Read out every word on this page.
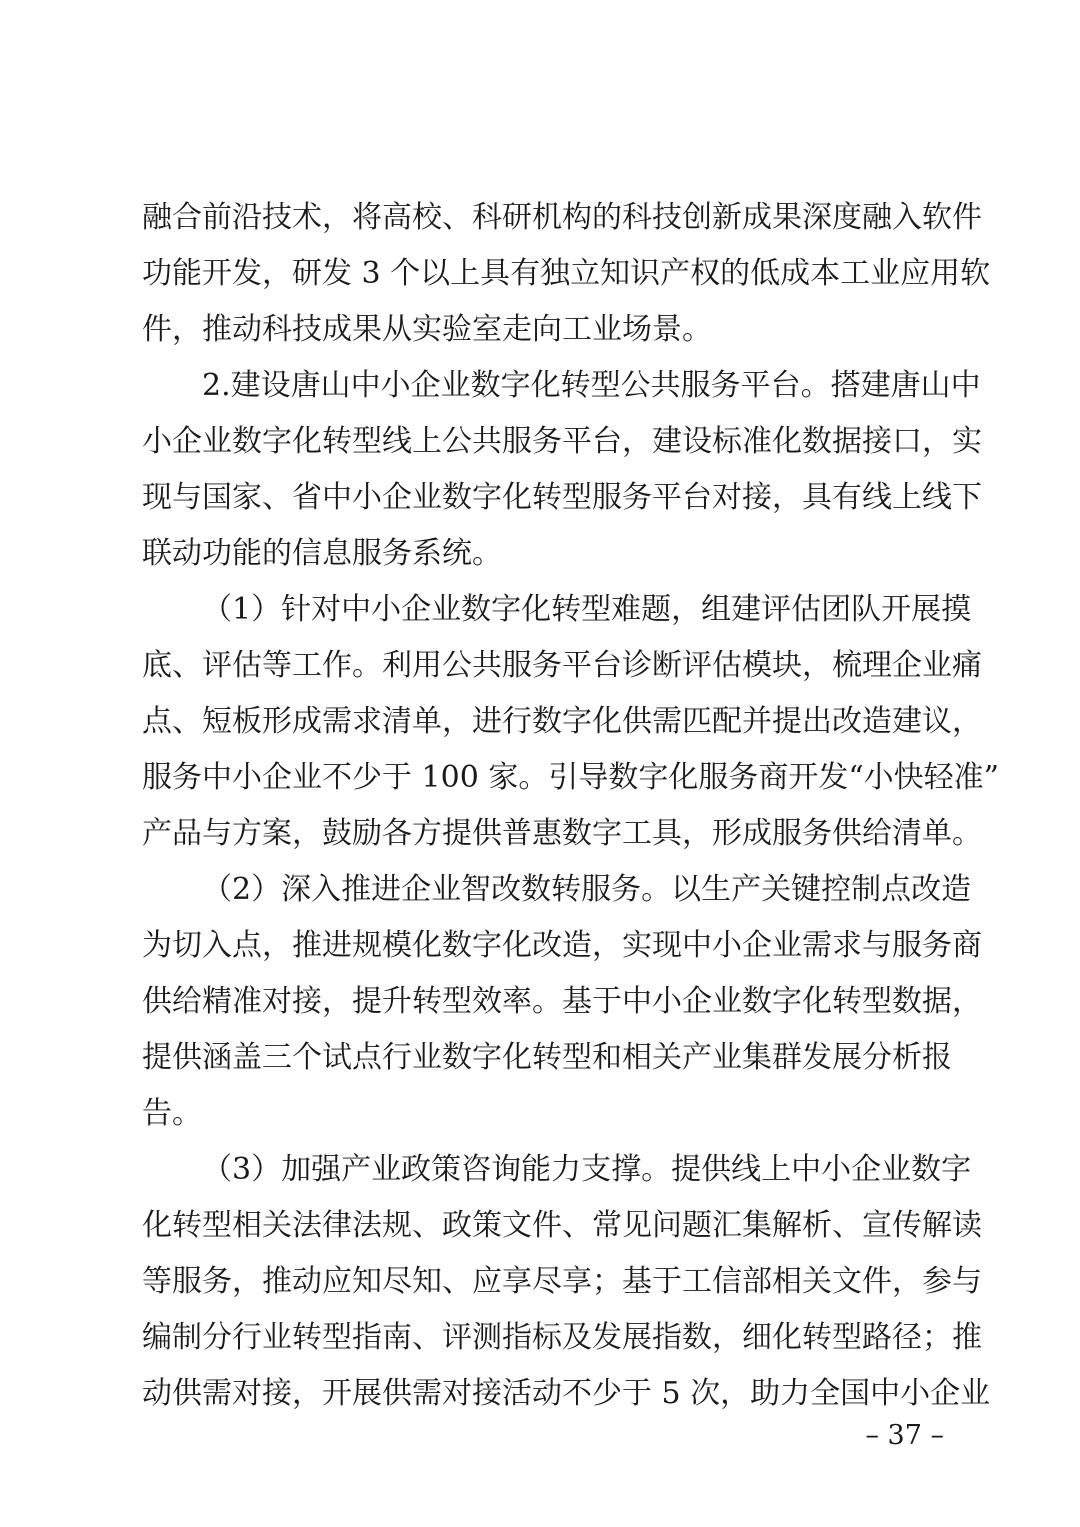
融合前沿技术，将高校、科研机构的科技创新成果深度融入软件
功能开发，研发 3 个以上具有独立知识产权的低成本工业应用软
件，推动科技成果从实验室走向工业场景。
2.建设唐山中小企业数字化转型公共服务平台。搭建唐山中
小企业数字化转型线上公共服务平台，建设标准化数据接口，实
现与国家、省中小企业数字化转型服务平台对接，具有线上线下
联动功能的信息服务系统。
（1）针对中小企业数字化转型难题，组建评估团队开展摸
底、评估等工作。利用公共服务平台诊断评估模块，梳理企业痛
点、短板形成需求清单，进行数字化供需匹配并提出改造建议，
服务中小企业不少于 100 家。引导数字化服务商开发“小快轻准”
产品与方案，鼓励各方提供普惠数字工具，形成服务供给清单。
（2）深入推进企业智改数转服务。以生产关键控制点改造
为切入点，推进规模化数字化改造，实现中小企业需求与服务商
供给精准对接，提升转型效率。基于中小企业数字化转型数据，
提供涵盖三个试点行业数字化转型和相关产业集群发展分析报
告。
（3）加强产业政策咨询能力支撑。提供线上中小企业数字
化转型相关法律法规、政策文件、常见问题汇集解析、宣传解读
等服务，推动应知尽知、应享尽享；基于工信部相关文件，参与
编制分行业转型指南、评测指标及发展指数，细化转型路径；推
动供需对接，开展供需对接活动不少于 5 次，助力全国中小企业
– 37 –
